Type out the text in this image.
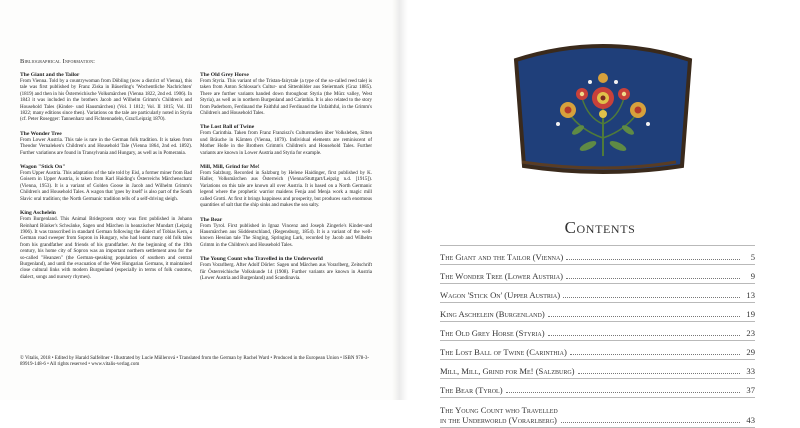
Bibliographical Information:
The Giant and the Tailor
From Vienna. Told by a countrywoman from Döbling (now a district of Vienna), this tale was first published by Franz Ziska in Bäuerling's 'Wochentliche Nachrichten' (1819) and then in his Österreichische Volksmärchen (Vienna 1822, 2nd ed. 1906). In 1843 it was included in the brothers Jacob and Wilhelm Grimm's Children's and Household Tales (Kinder- und Hausmärchen) (Vol. I 1812; Vol. II 1815; Vol. III 1822; many editions since then). Variations on the tale are particularly noted in Styria (cf. Peter Rosegger: Tannenharz und Fichtennadeln, Graz/Leipzig 1870).
The Wonder Tree
From Lower Austria. This tale is rare in the German folk tradition. It is taken from Theodor Vernaleken's Children's and Household Tale (Vienna 1864, 2nd ed. 1892). Further variations are found in Transylvania and Hungary, as well as in Pomerania.
Wagon "Stick On"
From Upper Austria. This adaptation of the tale told by Eisl, a former miner from Bad Goisern in Upper Austria, is taken from Karl Haiding's Österreichs Märchenschatz (Vienna, 1953). It is a variant of Golden Goose in Jacob and Wilhelm Grimm's Children's and Household Tales. A wagon that 'goes by itself' is also part of the South Slavic oral tradition; the North Germanic tradition tells of a self-driving sleigh.
King Aschelein
From Burgenland. This Animal Bridegroom story was first published in Johann Reinhard Bünker's Schwänke, Sagen und Märchen in heanzischer Mundart (Leipzig 1906). It was transcribed in standard German following the dialect of Tobias Kern, a German road sweeper from Sopron in Hungary, who had learnt many old folk tales from his grandfather and friends of his grandfather. At the beginning of the 19th century, his home city of Sopron was an important northern settlement area for the so-called "Heanzen" (the German-speaking population of southern and central Burgenland), and until the evacuation of the West Hungarian Germans, it maintained close cultural links with modern Burgenland (especially in terms of folk customs, dialect, songs and nursery rhymes).
The Old Grey Horse
From Styria. This variant of the Tristan-fairytale (a type of the so-called reed tale) is taken from Anton Schlossar's Cultur- und Sittenbilder aus Steiermark (Graz 1885). There are further variants handed down throughout Styria (the Mürz valley, West Styria), as well as in northern Burgenland and Carinthia. It is also related to the story from Paderborn, Ferdinand the Faithful and Ferdinand the Unfaithful, in the Grimm's Children's and Household Tales.
The Lost Ball of Twine
From Carinthia. Taken from Franz Franziszi's Culturstudien über Volksleben, Sitten und Bräuche in Kärnten (Vienna, 1879). Individual elements are reminiscent of Mother Holle in the Brothers Grimm's Children's and Household Tales. Further variants are known in Lower Austria and Styria for example.
Mill, Mill, Grind for Me!
From Salzburg. Recorded in Salzburg by Helene Haidinger, first published by K. Haller, Volksmärchen aus Österreich (Vienna/Stuttgart/Leipzig n.d. [1915]). Variations on this tale are known all over Austria. It is based on a North Germanic legend where the prophetic warrior maidens Fenja and Menja work a magic mill called Grotti. At first it brings happiness and prosperity, but produces such enormous quantities of salt that the ship sinks and makes the sea salty.
The Bear
From Tyrol. First published in Ignaz Vincenz and Joseph Zingerle's Kinder-und Hausmärchen aus Süddeutschland, (Regensburg, 1854). It is a variant of the well-known Hessian tale The Singing, Springing Lark, recorded by Jacob and Wilhelm Grimm in the Children's and Household Tales.
The Young Count who Travelled in the Underworld
From Vorarlberg. After Adolf Dörler: Sagen und Märchen aus Vorarlberg, Zeitschrift für Österreichische Volkskunde 14 (1908). Further variants are known in Austria (Lower Austria and Burgenland) and Scandinavia.
© Vitalis, 2018 • Edited by Harald Salfellner • Illustrated by Lucie Müllerová • Translated from the German by Rachel Ward • Produced in the European Union • ISBN 978-3-89919-148-6 • All rights reserved • www.vitalis-verlag.com
Contents
The Giant and the Tailor (Vienna)	5
The Wonder Tree (Lower Austria)	9
Wagon 'Stick On' (Upper Austria)	13
King Aschelein (Burgenland)	19
The Old Grey Horse (Styria)	23
The Lost Ball of Twine (Carinthia)	29
Mill, Mill, Grind for Me! (Salzburg)	33
The Bear (Tyrol)	37
The Young Count who Travelled
in the Underworld (Vorarlberg)	43
